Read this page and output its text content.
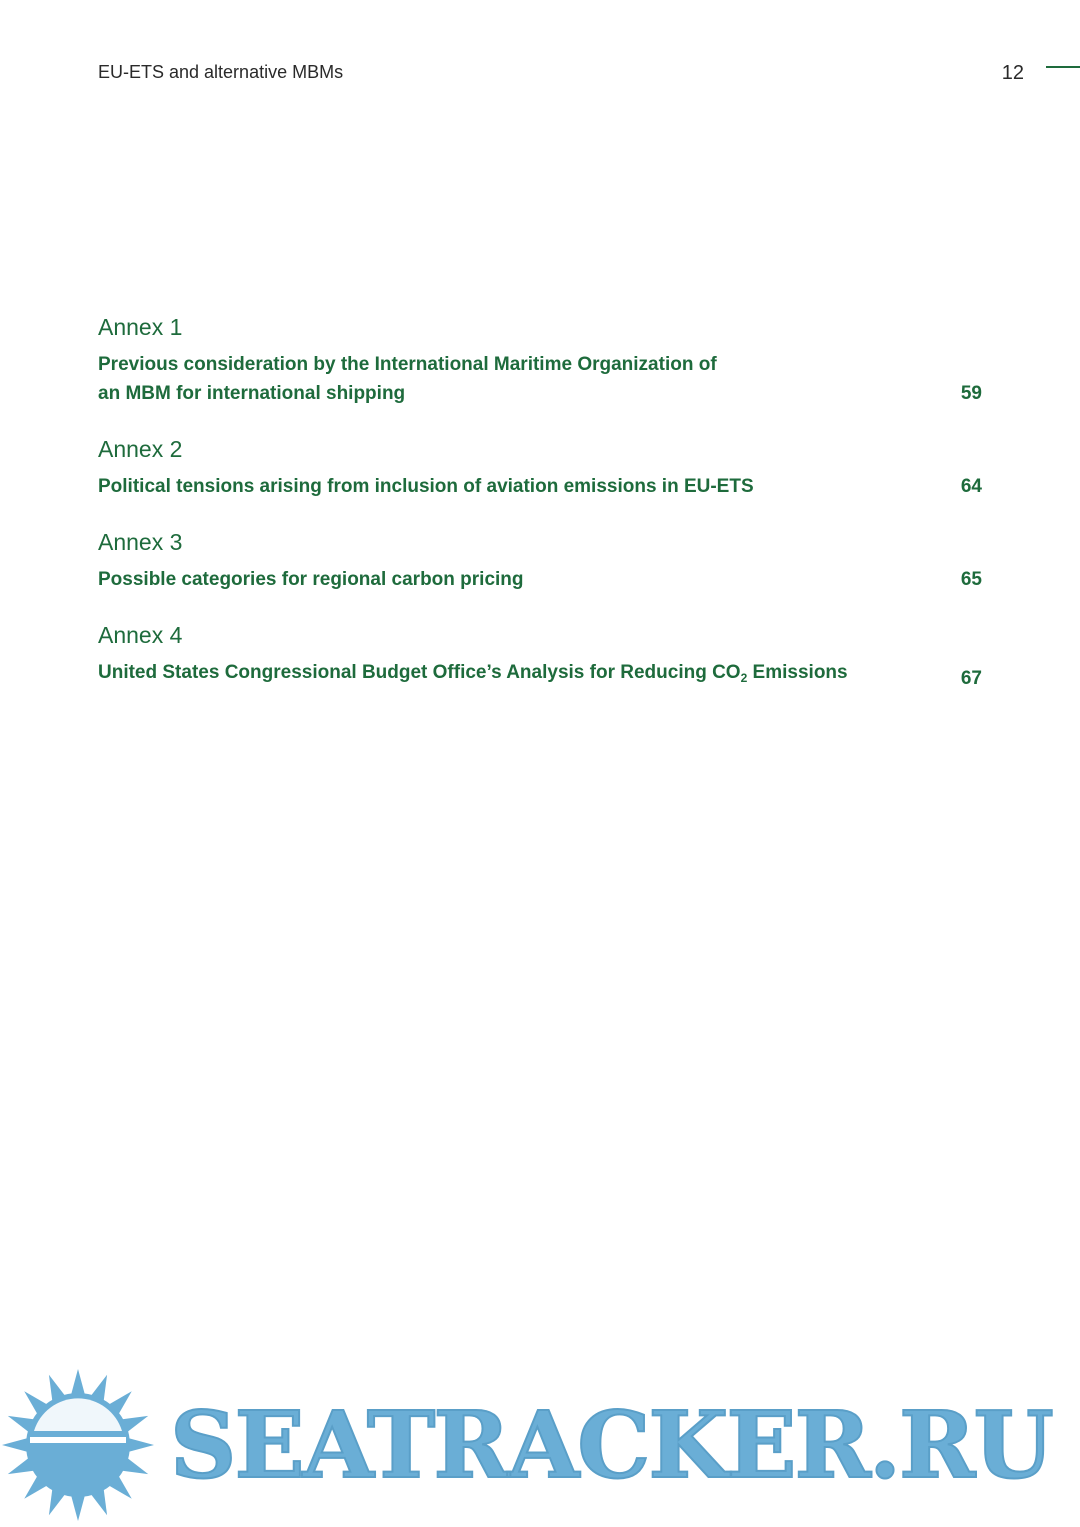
EU-ETS and alternative MBMs	12
Annex 1
Previous consideration by the International Maritime Organization of
an MBM for international shipping	59
Annex 2
Political tensions arising from inclusion of aviation emissions in EU-ETS	64
Annex 3
Possible categories for regional carbon pricing	65
Annex 4
United States Congressional Budget Office’s Analysis for Reducing $CO_2$ Emissions	67
SEATRACKER.RU
